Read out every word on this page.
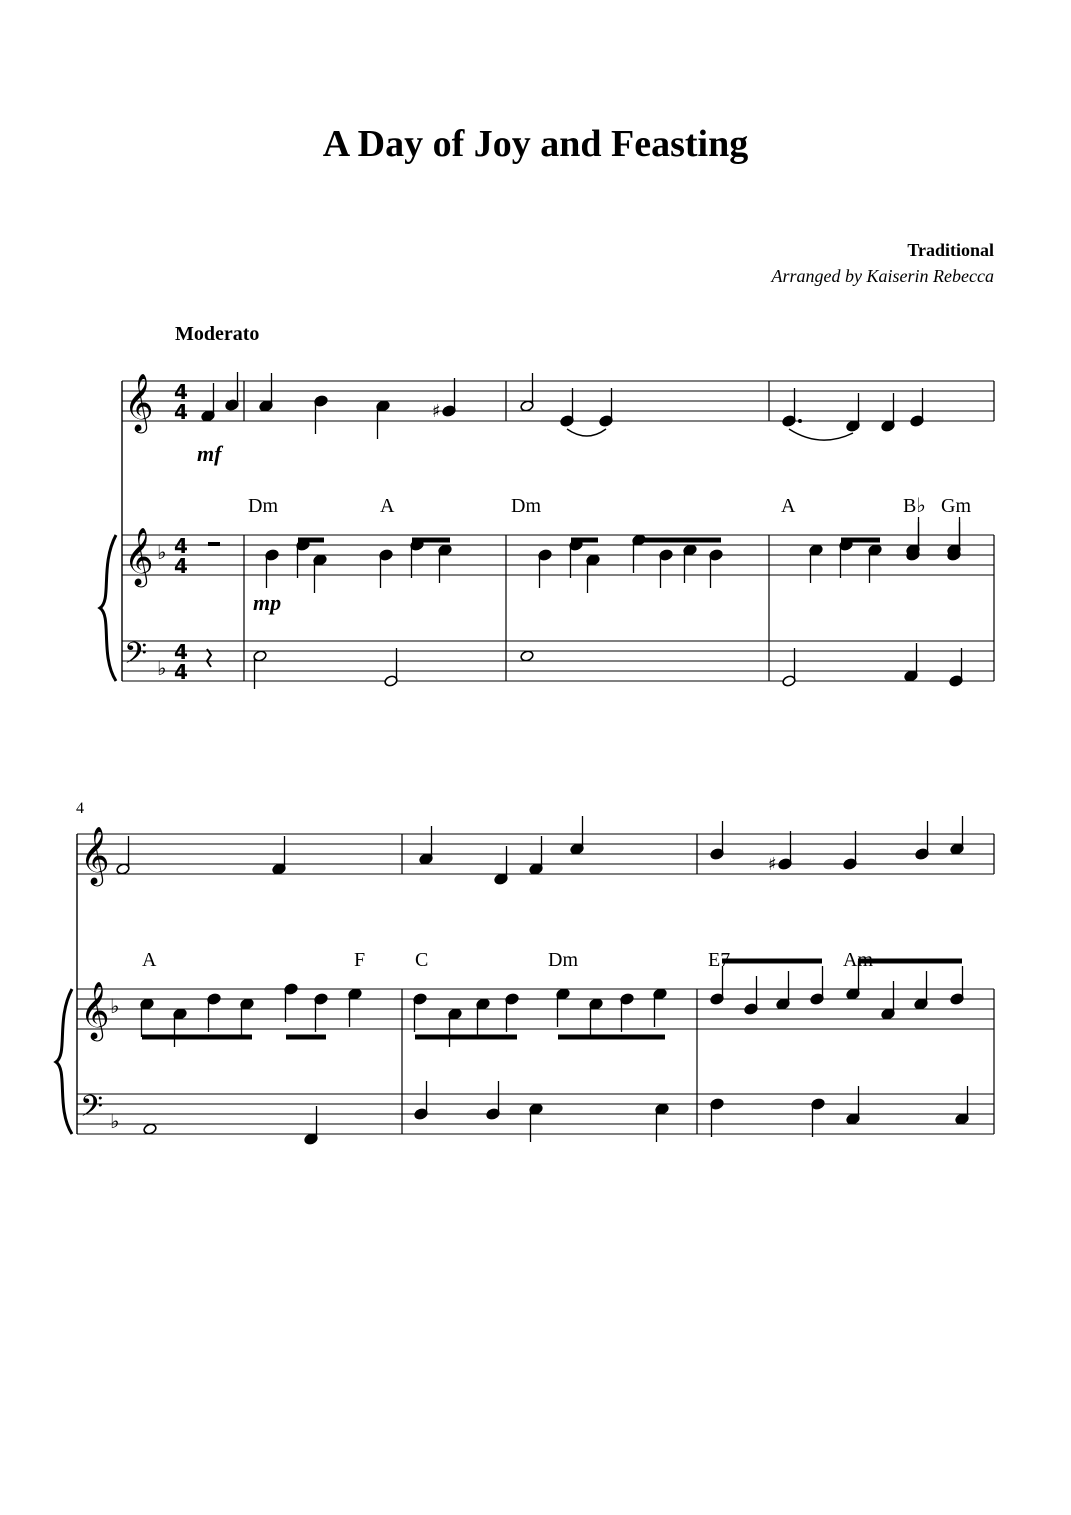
A Day of Joy and Feasting
Traditional
Arranged by Kaiserin Rebecca
Moderato
𝄞
𝄞
𝄢
♭
♭
4
4
4
4
4
4
♯
𝄞
𝄞
𝄢
♭
♭
♯
Dm	A	Dm	A	B♭ Gm
A	F C	Dm	E7	Am
mf
mp
4
